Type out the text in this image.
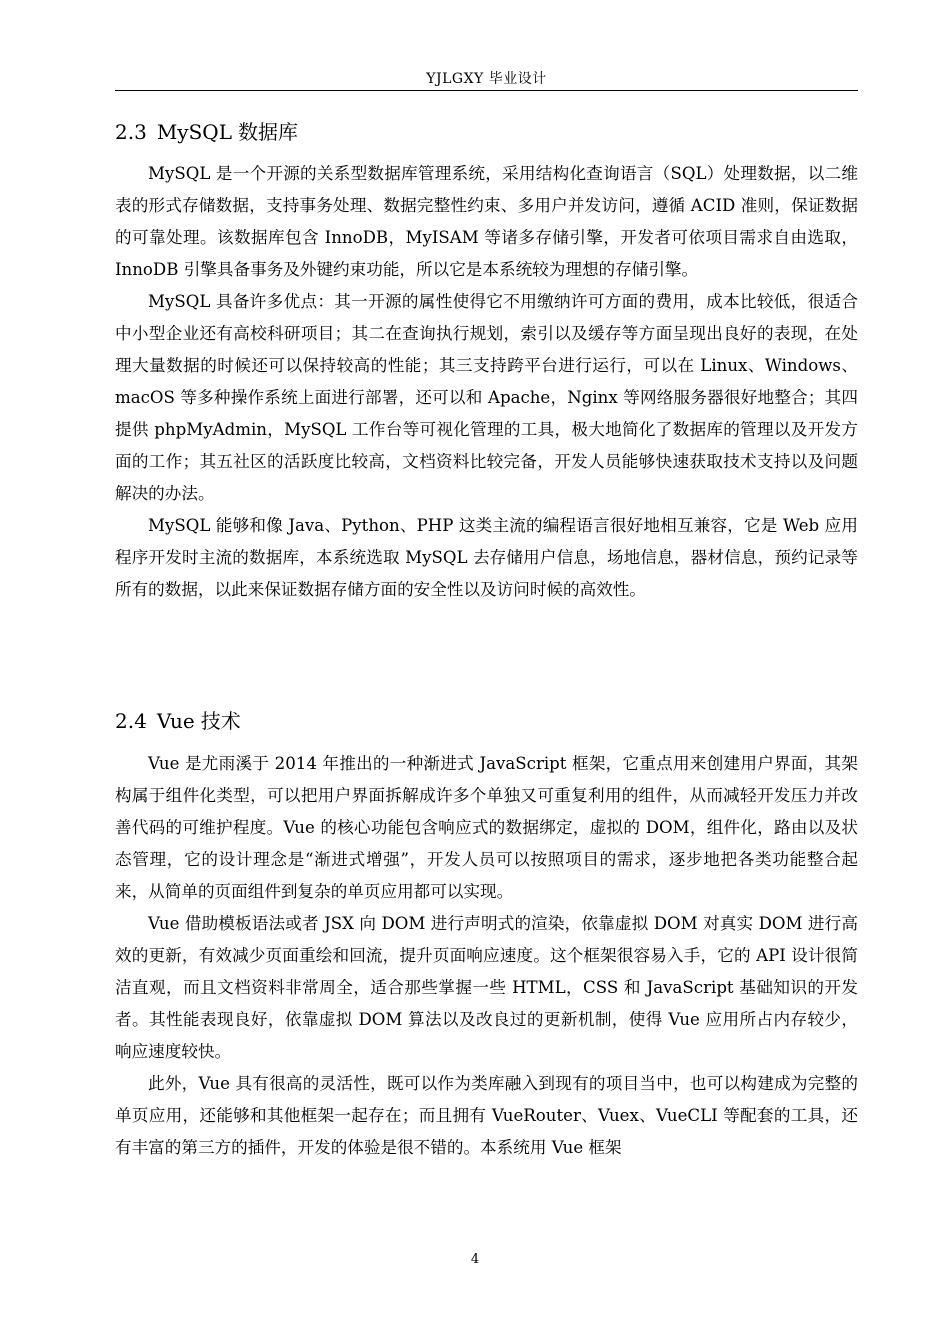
YJLGXY 毕业设计
2.3 MySQL 数据库

MySQL 是一个开源的关系型数据库管理系统，采用结构化查询语言（SQL）处理数据，以二维表的形式存储数据，支持事务处理、数据完整性约束、多用户并发访问，遵循 ACID 准则，保证数据的可靠处理。该数据库包含 InnoDB，MyISAM 等诸多存储引擎，开发者可依项目需求自由选取，InnoDB 引擎具备事务及外键约束功能，所以它是本系统较为理想的存储引擎。

MySQL 具备许多优点：其一开源的属性使得它不用缴纳许可方面的费用，成本比较低，很适合中小型企业还有高校科研项目；其二在查询执行规划，索引以及缓存等方面呈现出良好的表现，在处理大量数据的时候还可以保持较高的性能；其三支持跨平台进行运行，可以在 Linux、Windows、macOS 等多种操作系统上面进行部署，还可以和 Apache，Nginx 等网络服务器很好地整合；其四提供 phpMyAdmin，MySQL 工作台等可视化管理的工具，极大地简化了数据库的管理以及开发方面的工作；其五社区的活跃度比较高，文档资料比较完备，开发人员能够快速获取技术支持以及问题解决的办法。

MySQL 能够和像 Java、Python、PHP 这类主流的编程语言很好地相互兼容，它是 Web 应用程序开发时主流的数据库，本系统选取 MySQL 去存储用户信息，场地信息，器材信息，预约记录等所有的数据，以此来保证数据存储方面的安全性以及访问时候的高效性。

2.4 Vue 技术

Vue 是尤雨溪于 2014 年推出的一种渐进式 JavaScript 框架，它重点用来创建用户界面，其架构属于组件化类型，可以把用户界面拆解成许多个单独又可重复利用的组件，从而减轻开发压力并改善代码的可维护程度。Vue 的核心功能包含响应式的数据绑定，虚拟的 DOM，组件化，路由以及状态管理，它的设计理念是“渐进式增强”，开发人员可以按照项目的需求，逐步地把各类功能整合起来，从简单的页面组件到复杂的单页应用都可以实现。

Vue 借助模板语法或者 JSX 向 DOM 进行声明式的渲染，依靠虚拟 DOM 对真实 DOM 进行高效的更新，有效减少页面重绘和回流，提升页面响应速度。这个框架很容易入手，它的 API 设计很简洁直观，而且文档资料非常周全，适合那些掌握一些 HTML，CSS 和 JavaScript 基础知识的开发者。其性能表现良好，依靠虚拟 DOM 算法以及改良过的更新机制，使得 Vue 应用所占内存较少，响应速度较快。

此外，Vue 具有很高的灵活性，既可以作为类库融入到现有的项目当中，也可以构建成为完整的单页应用，还能够和其他框架一起存在；而且拥有 VueRouter、Vuex、VueCLI 等配套的工具，还有丰富的第三方的插件，开发的体验是很不错的。本系统用 Vue 框架

4
